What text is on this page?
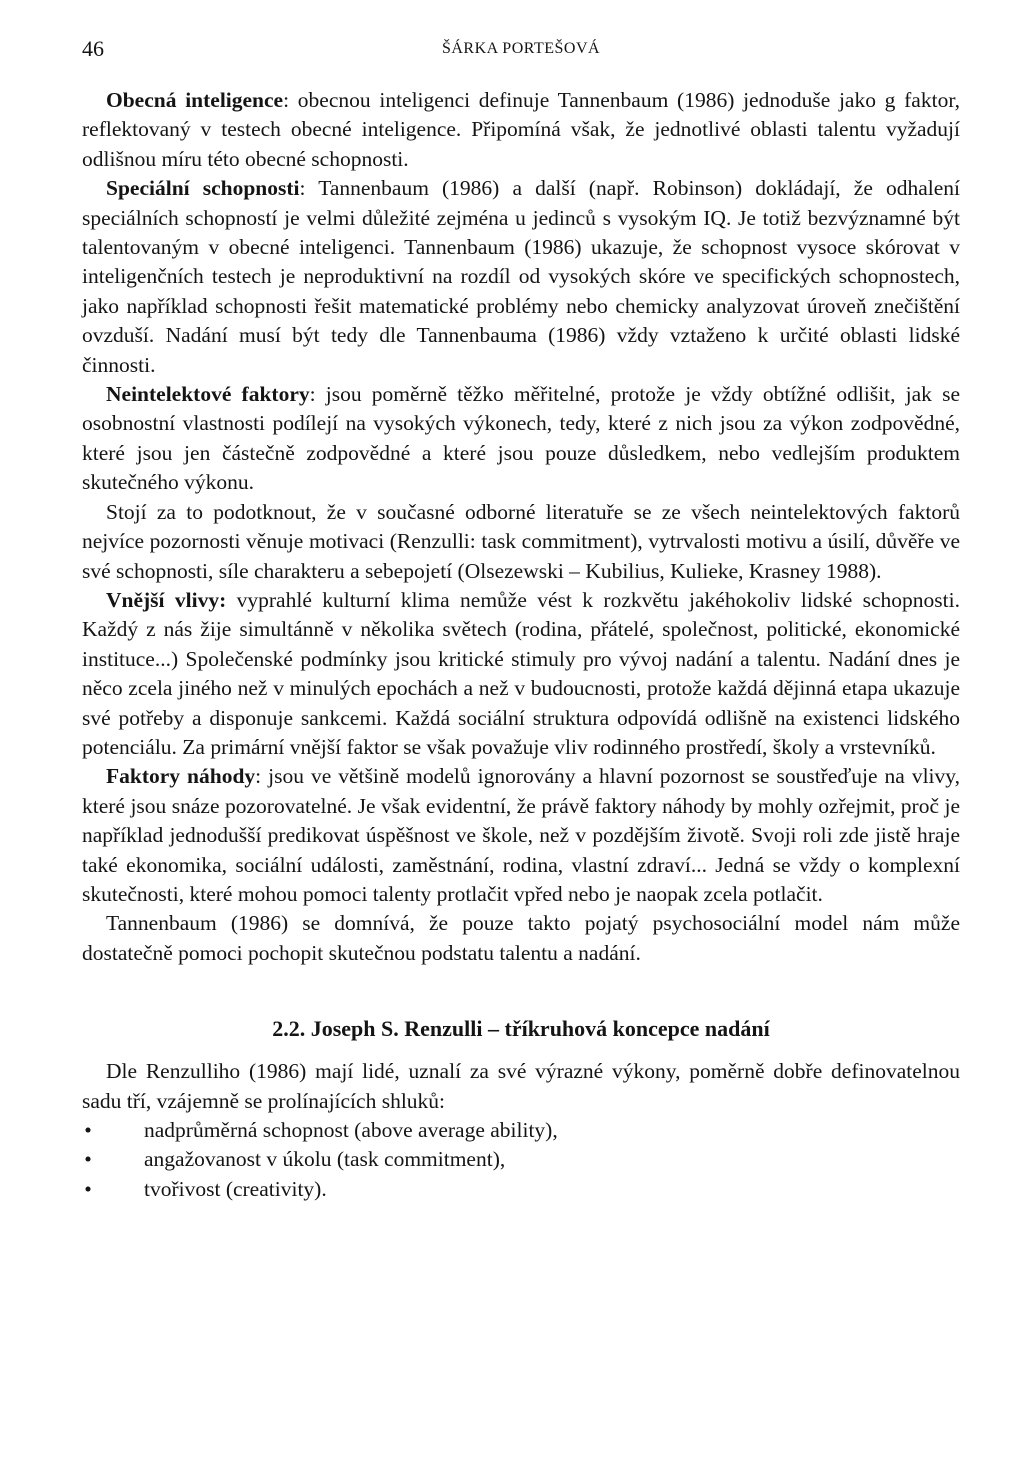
46	ŠÁRKA PORTEŠOVÁ

Obecná inteligence: obecnou inteligenci definuje Tannenbaum (1986) jednoduše jako g faktor, reflektovaný v testech obecné inteligence. Připomíná však, že jednotlivé oblasti talentu vyžadují odlišnou míru této obecné schopnosti.

Speciální schopnosti: Tannenbaum (1986) a další (např. Robinson) dokládají, že odhalení speciálních schopností je velmi důležité zejména u jedinců s vysokým IQ. Je totiž bezvýznamné být talentovaným v obecné inteligenci. Tannenbaum (1986) ukazuje, že schopnost vysoce skórovat v inteligenčních testech je neproduktivní na rozdíl od vysokých skóre ve specifických schopnostech, jako například schopnosti řešit matematické problémy nebo chemicky analyzovat úroveň znečištění ovzduší. Nadání musí být tedy dle Tannenbauma (1986) vždy vztaženo k určité oblasti lidské činnosti.

Neintelektové faktory: jsou poměrně těžko měřitelné, protože je vždy obtížné odlišit, jak se osobnostní vlastnosti podílejí na vysokých výkonech, tedy, které z nich jsou za výkon zodpovědné, které jsou jen částečně zodpovědné a které jsou pouze důsledkem, nebo vedlejším produktem skutečného výkonu.

Stojí za to podotknout, že v současné odborné literatuře se ze všech neintelektových faktorů nejvíce pozornosti věnuje motivaci (Renzulli: task commitment), vytrvalosti motivu a úsilí, důvěře ve své schopnosti, síle charakteru a sebepojetí (Olsezewski – Kubilius, Kulieke, Krasney 1988).

Vnější vlivy: vyprahlé kulturní klima nemůže vést k rozkvětu jakéhokoliv lidské schopnosti. Každý z nás žije simultánně v několika světech (rodina, přátelé, společnost, politické, ekonomické instituce...) Společenské podmínky jsou kritické stimuly pro vývoj nadání a talentu. Nadání dnes je něco zcela jiného než v minulých epochách a než v budoucnosti, protože každá dějinná etapa ukazuje své potřeby a disponuje sankcemi. Každá sociální struktura odpovídá odlišně na existenci lidského potenciálu. Za primární vnější faktor se však považuje vliv rodinného prostředí, školy a vrstevníků.

Faktory náhody: jsou ve většině modelů ignorovány a hlavní pozornost se soustřeďuje na vlivy, které jsou snáze pozorovatelné. Je však evidentní, že právě faktory náhody by mohly ozřejmit, proč je například jednodušší predikovat úspěšnost ve škole, než v pozdějším životě. Svoji roli zde jistě hraje také ekonomika, sociální události, zaměstnání, rodina, vlastní zdraví... Jedná se vždy o komplexní skutečnosti, které mohou pomoci talenty protlačit vpřed nebo je naopak zcela potlačit.

Tannenbaum (1986) se domnívá, že pouze takto pojatý psychosociální model nám může dostatečně pomoci pochopit skutečnou podstatu talentu a nadání.

2.2. Joseph S. Renzulli – tříkruhová koncepce nadání

Dle Renzulliho (1986) mají lidé, uznalí za své výrazné výkony, poměrně dobře definovatelnou sadu tří, vzájemně se prolínajících shluků:

• nadprůměrná schopnost (above average ability),
• angažovanost v úkolu (task commitment),
• tvořivost (creativity).
